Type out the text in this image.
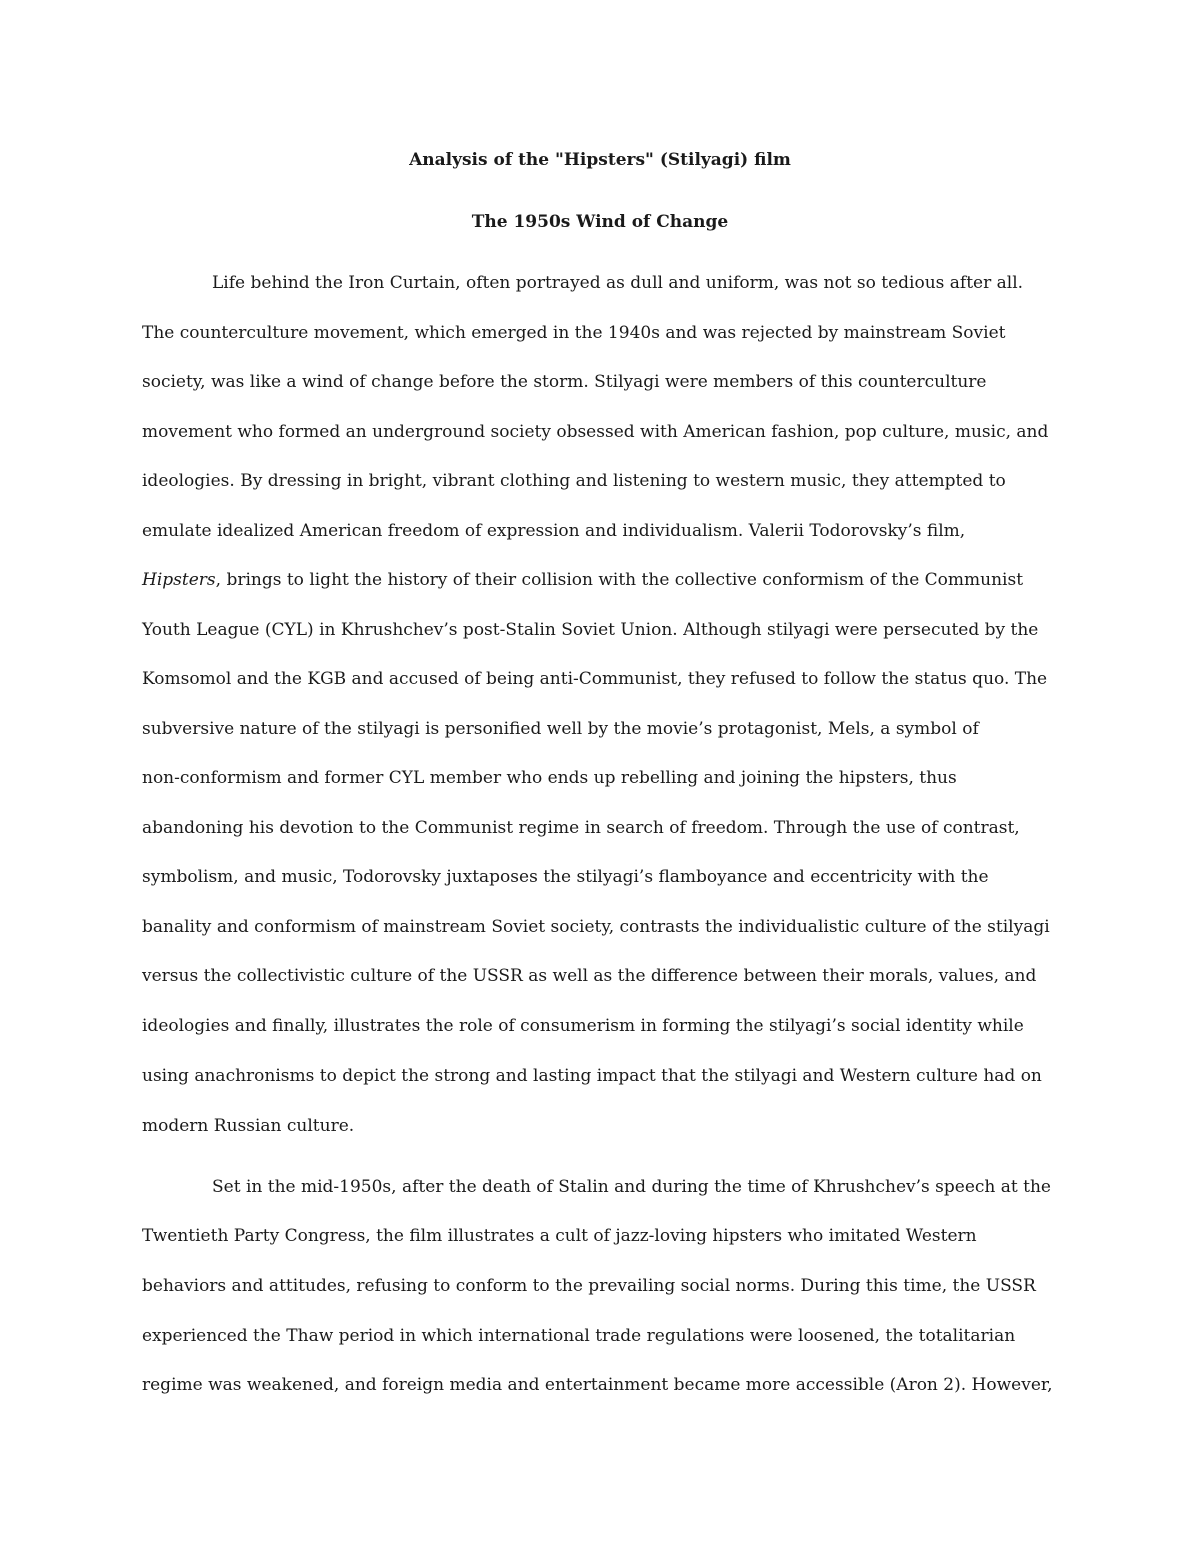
Analysis of the "Hipsters" (Stilyagi) film
The 1950s Wind of Change
Life behind the Iron Curtain, often portrayed as dull and uniform, was not so tedious after all.
The counterculture movement, which emerged in the 1940s and was rejected by mainstream Soviet
society, was like a wind of change before the storm. Stilyagi were members of this counterculture
movement who formed an underground society obsessed with American fashion, pop culture, music, and
ideologies. By dressing in bright, vibrant clothing and listening to western music, they attempted to
emulate idealized American freedom of expression and individualism. Valerii Todorovsky’s film,
Hipsters, brings to light the history of their collision with the collective conformism of the Communist
Youth League (CYL) in Khrushchev’s post-Stalin Soviet Union. Although stilyagi were persecuted by the
Komsomol and the KGB and accused of being anti-Communist, they refused to follow the status quo. The
subversive nature of the stilyagi is personified well by the movie’s protagonist, Mels, a symbol of
non-conformism and former CYL member who ends up rebelling and joining the hipsters, thus
abandoning his devotion to the Communist regime in search of freedom. Through the use of contrast,
symbolism, and music, Todorovsky juxtaposes the stilyagi’s flamboyance and eccentricity with the
banality and conformism of mainstream Soviet society, contrasts the individualistic culture of the stilyagi
versus the collectivistic culture of the USSR as well as the difference between their morals, values, and
ideologies and finally, illustrates the role of consumerism in forming the stilyagi’s social identity while
using anachronisms to depict the strong and lasting impact that the stilyagi and Western culture had on
modern Russian culture.
Set in the mid-1950s, after the death of Stalin and during the time of Khrushchev’s speech at the
Twentieth Party Congress, the film illustrates a cult of jazz-loving hipsters who imitated Western
behaviors and attitudes, refusing to conform to the prevailing social norms. During this time, the USSR
experienced the Thaw period in which international trade regulations were loosened, the totalitarian
regime was weakened, and foreign media and entertainment became more accessible (Aron 2). However,
